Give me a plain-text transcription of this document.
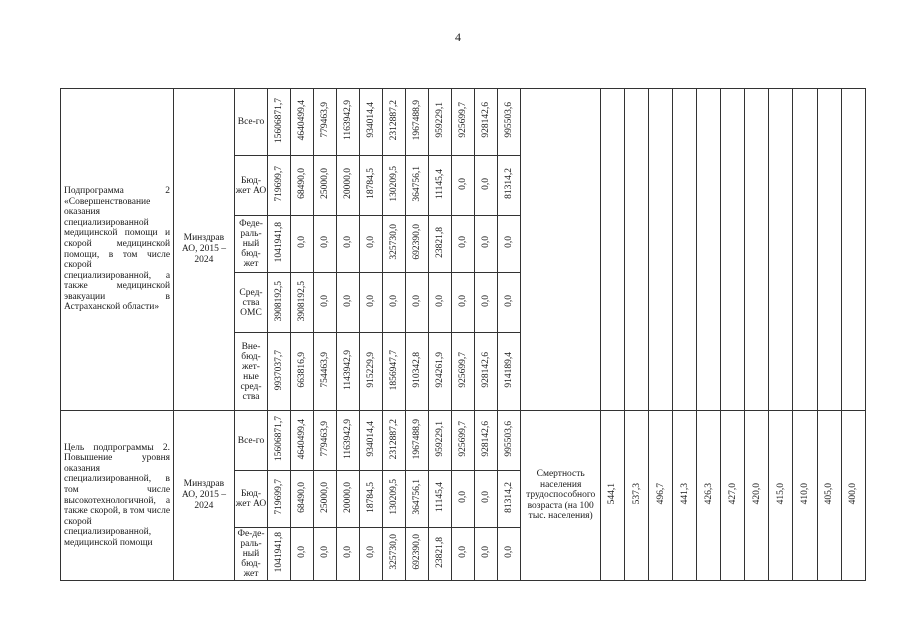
4
Подпрограмма 2 «Совершенствование оказания специализированной медицинской помощи и скорой медицинской помощи, в том числе скорой специализированной, а также медицинской эвакуации в Астраханской области»	Минздрав АО, 2015 – 2024	Все-го	15606871,7	4640499,4	779463,9	1163942,9	934014,4	2312887,2	1967488,9	959229,1	925699,7	928142,6	995503,6												
		Бюд-жет АО	719699,7	68490,0	25000,0	20000,0	18784,5	130209,5	364756,1	11145,4	0,0	0,0	81314,2												
		Феде-раль-ный бюд-жет	1041941,8	0,0	0,0	0,0	0,0	325730,0	692390,0	23821,8	0,0	0,0	0,0												
		Сред-ства ОМС	3908192,5	3908192,5	0,0	0,0	0,0	0,0	0,0	0,0	0,0	0,0	0,0												
		Вне-бюд-жет-ные сред-ства	9937037,7	663816,9	754463,9	1143942,9	915229,9	1856947,7	910342,8	924261,9	925699,7	928142,6	914189,4												
Цель подпрограммы 2. Повышение уровня оказания специализированной, в том числе высокотехнологичной, а также скорой, в том числе скорой специализированной, медицинской помощи	Минздрав АО, 2015 – 2024	Все-го	15606871,7	4640499,4	779463,9	1163942,9	934014,4	2312887,2	1967488,9	959229,1	925699,7	928142,6	995503,6	Смертность населения трудоспособного возраста (на 100 тыс. населения)	544,1	537,3	496,7	441,3	426,3	427,0	420,0	415,0	410,0	405,0	400,0
		Бюд-жет АО	719699,7	68490,0	25000,0	20000,0	18784,5	130209,5	364756,1	11145,4	0,0	0,0	81314,2												
		Фе-де-раль-ный бюд-жет	1041941,8	0,0	0,0	0,0	0,0	325730,0	692390,0	23821,8	0,0	0,0	0,0												
